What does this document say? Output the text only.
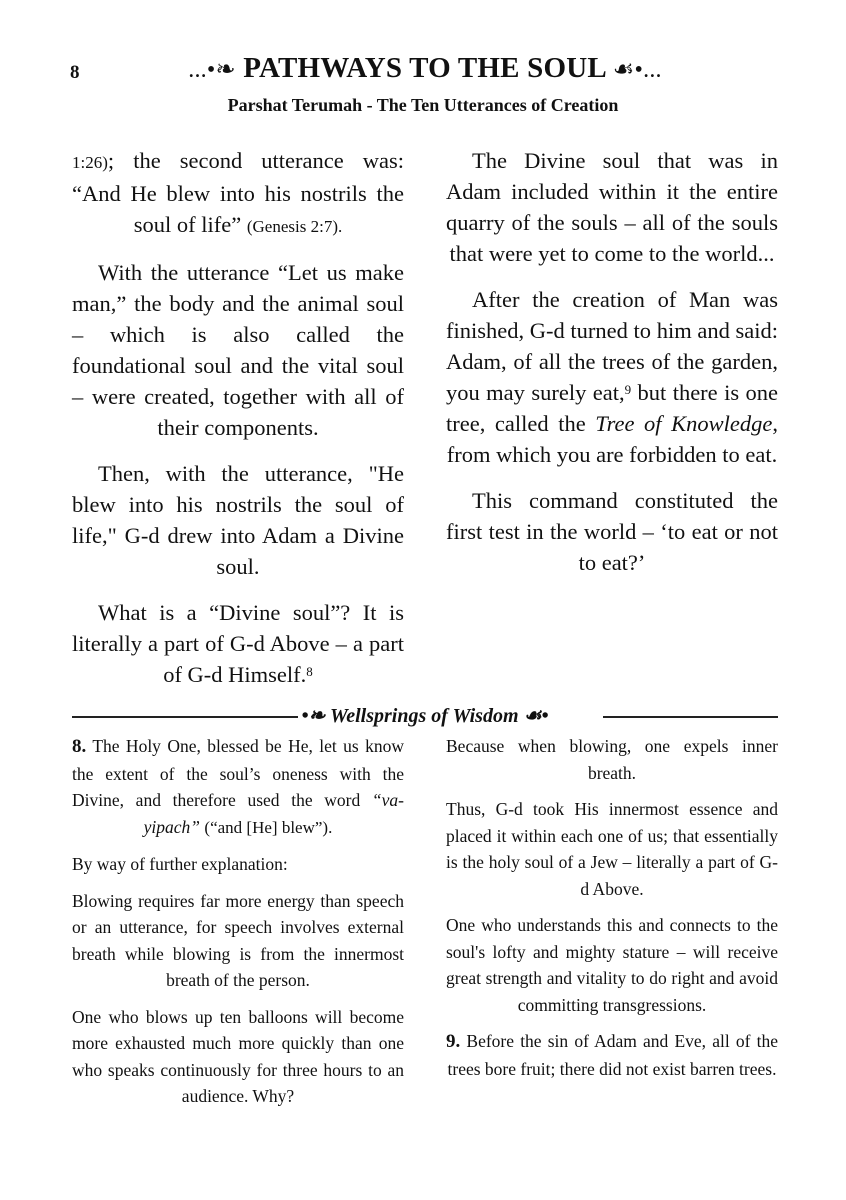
8	...•❧ PATHWAYS TO THE SOUL ☙•...
Parshat Terumah - The Ten Utterances of Creation

1:26); the second utterance was: “And He blew into his nostrils the soul of life” (Genesis 2:7).

With the utterance “Let us make man,” the body and the animal soul – which is also called the foundational soul and the vital soul – were created, together with all of their components.

Then, with the utterance, "He blew into his nostrils the soul of life," G-d drew into Adam a Divine soul.

What is a “Divine soul”? It is literally a part of G-d Above – a part of G-d Himself.$^8$

The Divine soul that was in Adam included within it the entire quarry of the souls – all of the souls that were yet to come to the world...

After the creation of Man was finished, G-d turned to him and said: Adam, of all the trees of the garden, you may surely eat,$^9$ but there is one tree, called the Tree of Knowledge, from which you are forbidden to eat.

This command constituted the first test in the world – ‘to eat or not to eat?’

•❧ Wellsprings of Wisdom ☙•

8. The Holy One, blessed be He, let us know the extent of the soul’s oneness with the Divine, and therefore used the word “va-yipach” (“and [He] blew”).

By way of further explanation:

Blowing requires far more energy than speech or an utterance, for speech involves external breath while blowing is from the innermost breath of the person.

One who blows up ten balloons will become more exhausted much more quickly than one who speaks continuously for three hours to an audience. Why?

Because when blowing, one expels inner breath.

Thus, G-d took His innermost essence and placed it within each one of us; that essentially is the holy soul of a Jew – literally a part of G-d Above.

One who understands this and connects to the soul's lofty and mighty stature – will receive great strength and vitality to do right and avoid committing transgressions.

9. Before the sin of Adam and Eve, all of the trees bore fruit; there did not exist barren trees.
